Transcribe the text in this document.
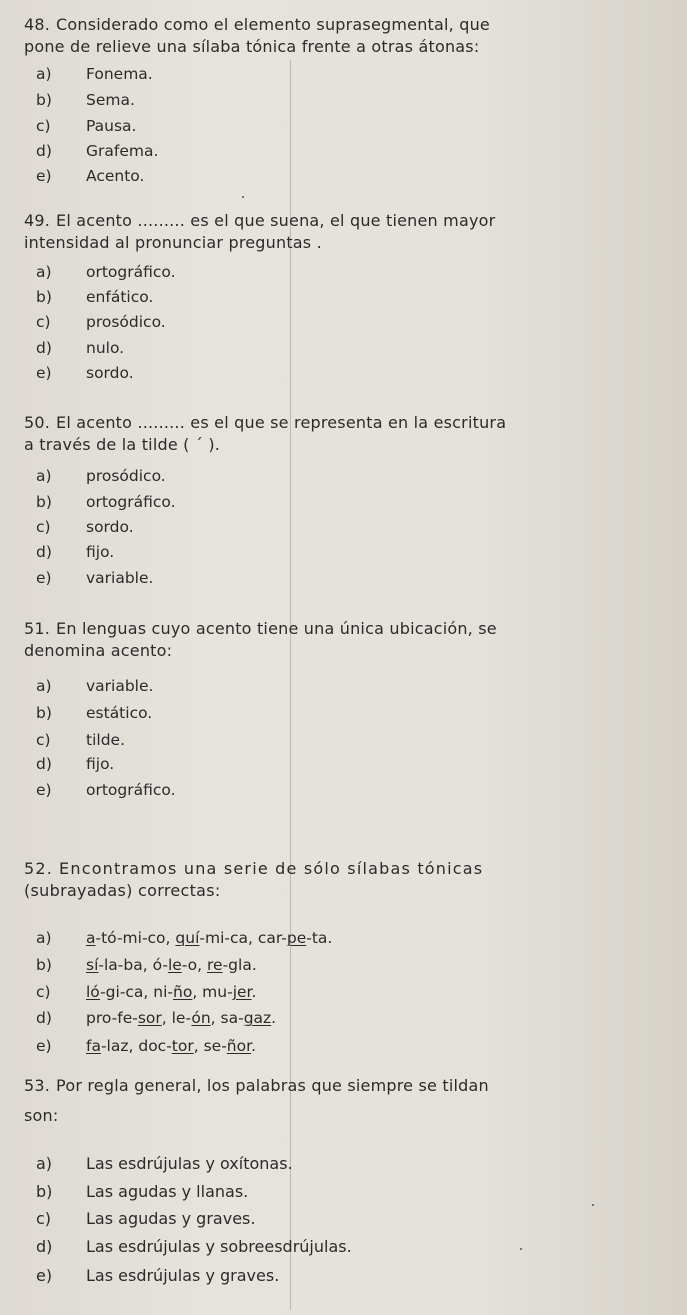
48. Considerado como el elemento suprasegmental, que
pone de relieve una sílaba tónica frente a otras átonas:
a) Fonema.
b) Sema.
c) Pausa.
d) Grafema.
e) Acento.
49. El acento ......... es el que suena, el que tienen mayor
intensidad al pronunciar preguntas .
a) ortográfico.
b) enfático.
c) prosódico.
d) nulo.
e) sordo.
50. El acento ......... es el que se representa en la escritura
a través de la tilde ( ´ ).
a) prosódico.
b) ortográfico.
c) sordo.
d) fijo.
e) variable.
51. En lenguas cuyo acento tiene una única ubicación, se
denomina acento:
a) variable.
b) estático.
c) tilde.
d) fijo.
e) ortográfico.
52. Encontramos una serie de sólo sílabas tónicas
(subrayadas) correctas:
a) a-tó-mi-co, quí-mi-ca, car-pe-ta.
b) sí-la-ba, ó-le-o, re-gla.
c) ló-gi-ca, ni-ño, mu-jer.
d) pro-fe-sor, le-ón, sa-gaz.
e) fa-laz, doc-tor, se-ñor.
53. Por regla general, los palabras que siempre se tildan
son:
a) Las esdrújulas y oxítonas.
b) Las agudas y llanas.
c) Las agudas y graves.
d) Las esdrújulas y sobreesdrújulas.
e) Las esdrújulas y graves.
